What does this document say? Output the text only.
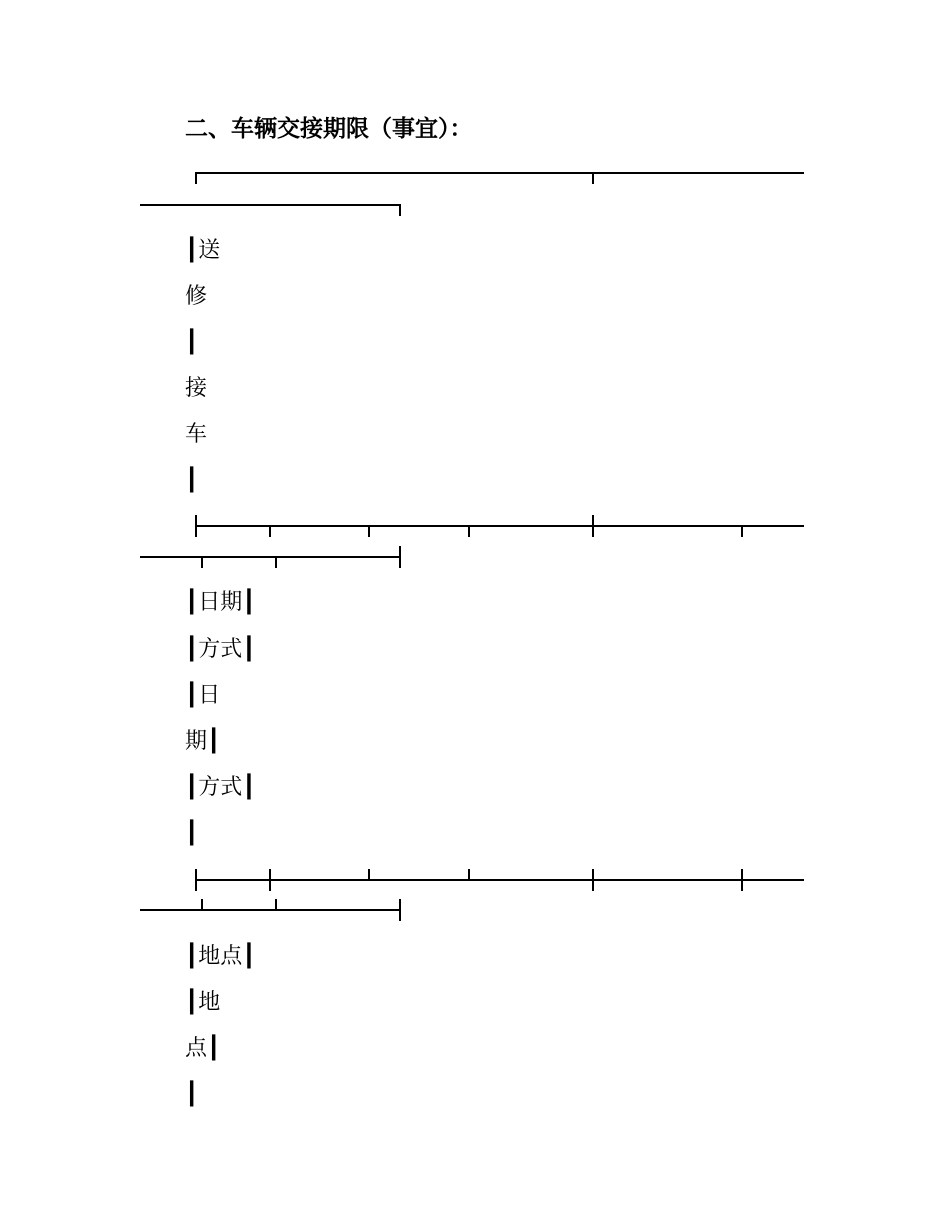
二、车辆交接期限（事宜）：
┃送
修
┃
接
车
┃
┃日期┃
┃方式┃
┃日
期┃
┃方式┃
┃
┃地点┃
┃地
点┃
┃
